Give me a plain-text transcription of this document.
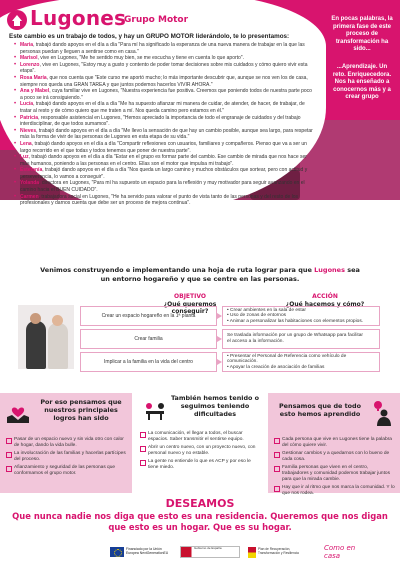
Lugones
Grupo Motor
Este cambio es un trabajo de todos, y hay un GRUPO MOTOR liderándolo, te lo presentamos:
• Maria, trabajó dando apoyos en el día a día "Para mí ha significado la esperanza de una nueva manera de trabajar en la que las personas puedan y lleguen a sentirse como en casa."
• Marisol, vive en Lugones, "Me he sentido muy bien, se me escucha y tiene en cuenta lo que aporto".
• Lorenzo, vive en Lugones, "Estoy muy a gusto y contento de poder tomar decisiones sobre mis cuidados y cómo quiero vivir esta etapa".
• Rosa María, que nos cuenta que "Este curso me aportó mucho; lo más importante descubrir que, aunque se nos ven los de casa, siempre nos queda una GRAN TAREA y que juntos podemos hacerlos VIVIR AHORA."
• Ana y Mabel, cuya familiar vive en Lugones, "Nuestra experiencia fue positiva. Creemos que poniendo todos de nuestra parte poco a poco se irá consiguiendo."
• Lucía, trabajó dando apoyos en el día a día "Me ha supuesto afianzar mi manera de cuidar, de atender, de hacer, de trabajar, de tratar al resto y de cómo quiero que me traten a mí. Nos queda camino pero estamos en él."
• Patricia, responsable asistencial en Lugones, "Hemos apreciado la importancia de todo el engranaje de cuidados y del trabajo interdisciplinar, de que todos sumamos".
• Nieves, trabajó dando apoyos en el día a día "Me llevo la sensación de que hay un cambio posible, aunque sea largo, para respetar más la forma de vivir de las personas de Lugones en esta etapa de su vida."
• Lena, trabajó dando apoyos en el día a día "Compartir reflexiones con usuarios, familiares y compañeros. Pienso que va a ser un largo recorrido en el que todas y todos tenemos que poner de nuestra parte".
• Luz, trabajó dando apoyos en el día a día "Estar en el grupo es formar parte del cambio. Ese cambio de mirada que nos hace ser más humanos, poniendo a las personas en el centro. Ellas son el motor que impulsa mi trabajo".
• Estefanía, trabajó dando apoyos en el día a día "Nos queda un largo camino y muchos obstáculos que sortear, pero con actitud y perseverancia, lo vamos a conseguir".
• Yolanda, directora en Lugones, "Para mí ha supuesto un espacio para la reflexión y muy motivador para seguir avanzando en el camino hacia el BUEN CUIDADO".
• Carmen, trabajadora social en Lugones, "He ha servido para valorar el punto de vista tanto de las personas y del resto de los profesionales y darnos cuenta que debe ser un proceso de mejora continua".

En pocas palabras, la primera fase de este proceso de transformación ha sido...

...Aprendizaje. Un reto. Enriquecedora. Nos ha enseñado a conocernos más y a crear grupo

Venimos construyendo e implementando una hoja de ruta lograr para que Lugones sea un entorno hogareño y que se centre en las personas.
OBJETIVO
¿Qué queremos conseguir?
ACCIÓN
¿Qué hacemos y cómo?
Crear un espacio hogareño en la 1ª planta
• Crear ambientes en la sala de estar
• Uso de zonas de entornos
• Animar a personalizar las habitaciones con elementos propios.
Crear familia
Se traslada información por un grupo de Whatsapp para facilitar
el acceso a la información.
Implicar a la familia en la vida del centro
• Presentar el Personal de Referencia como vehículo de
comunicación.
• Apoyar la creación de asociación de familias
Por eso pensamos que nuestros principales logros han sido
Pasar de un espacio nuevo y sin vida otro con calor de hogar, dando la vida bulle.
La involucración de las familias y hacerlas partícipes del proceso.
Afianzamiento y seguridad de las personas que conformamos el grupo motor.
También hemos tenido o seguimos teniendo dificultades
La comunicación, el llegar a todos, el buscar espacios. Saber transmitir el sentirse equipo.
Abrir un centro nuevo, con un proyecto nuevo, con personal nuevo y no estable.
La gente no entiende lo que es ACP y por eso le tiene miedo.
Pensamos que de todo esto hemos aprendido
Cada persona que vive en Lugones tiene la palabra del cómo quiere vivir.
Gestionar cambios y a quedarnos con lo bueno de cada cosa.
Familia personas que viven en el centro, trabajadores y comunidad podemos trabajar juntos para que la mirada cambie.
Hay que ir al ritmo que nos marca la comunidad. Y lo que nos rodea.
DESEAMOS
Que nunca nadie nos diga que esto es una residencia. Queremos que nos digan que esto es un hogar. Que es su hogar.
Financiado por la Unión Europea NextGenerationEU
Gobierno de España	Plan de Recuperación, Transformación y Resiliencia
Como en casa
